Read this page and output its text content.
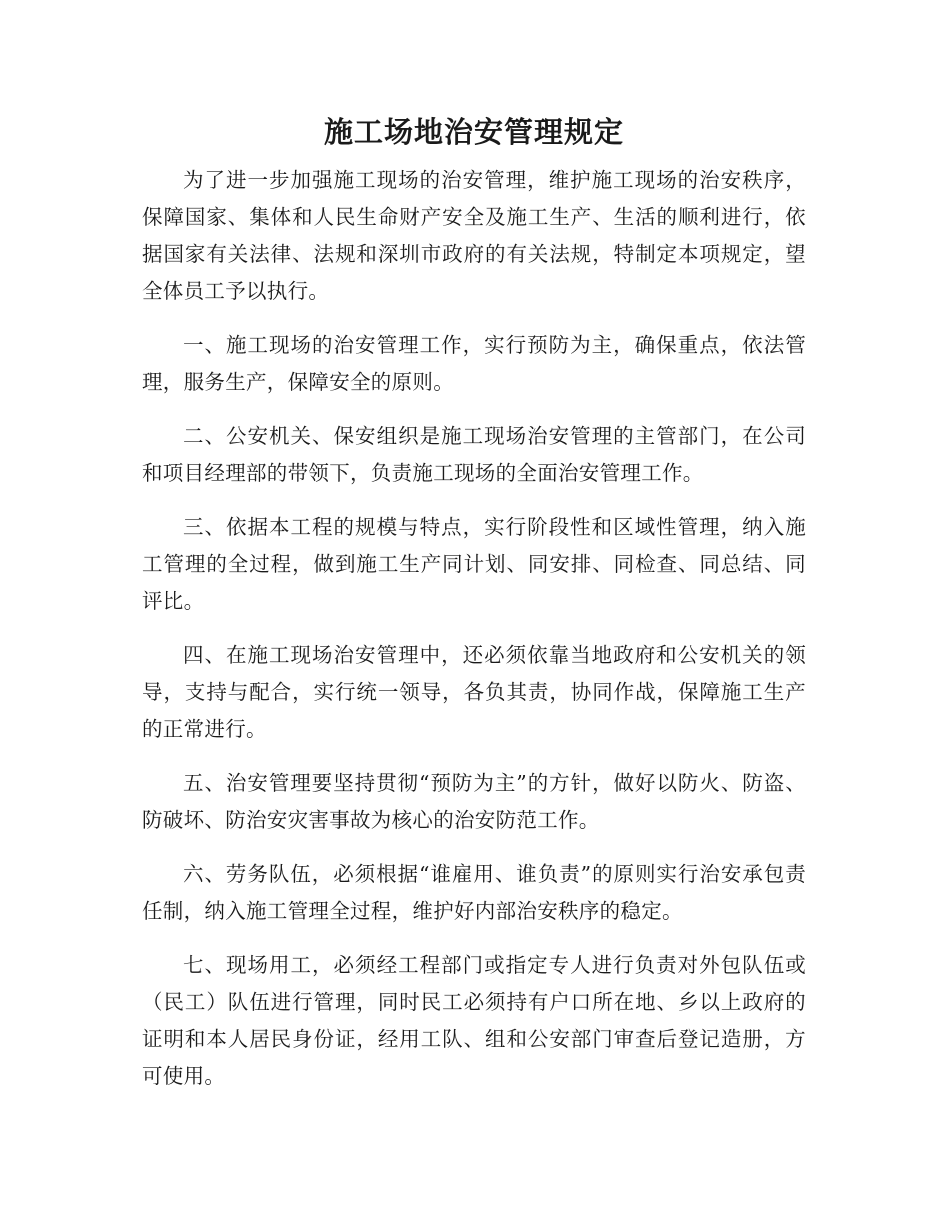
施工场地治安管理规定

为了进一步加强施工现场的治安管理，维护施工现场的治安秩序，保障国家、集体和人民生命财产安全及施工生产、生活的顺利进行，依据国家有关法律、法规和深圳市政府的有关法规，特制定本项规定，望全体员工予以执行。

一、施工现场的治安管理工作，实行预防为主，确保重点，依法管理，服务生产，保障安全的原则。

二、公安机关、保安组织是施工现场治安管理的主管部门，在公司和项目经理部的带领下，负责施工现场的全面治安管理工作。

三、依据本工程的规模与特点，实行阶段性和区域性管理，纳入施工管理的全过程，做到施工生产同计划、同安排、同检查、同总结、同评比。

四、在施工现场治安管理中，还必须依靠当地政府和公安机关的领导，支持与配合，实行统一领导，各负其责，协同作战，保障施工生产的正常进行。

五、治安管理要坚持贯彻“预防为主”的方针，做好以防火、防盗、防破坏、防治安灾害事故为核心的治安防范工作。

六、劳务队伍，必须根据“谁雇用、谁负责”的原则实行治安承包责任制，纳入施工管理全过程，维护好内部治安秩序的稳定。

七、现场用工，必须经工程部门或指定专人进行负责对外包队伍或（民工）队伍进行管理，同时民工必须持有户口所在地、乡以上政府的证明和本人居民身份证，经用工队、组和公安部门审查后登记造册，方可使用。
